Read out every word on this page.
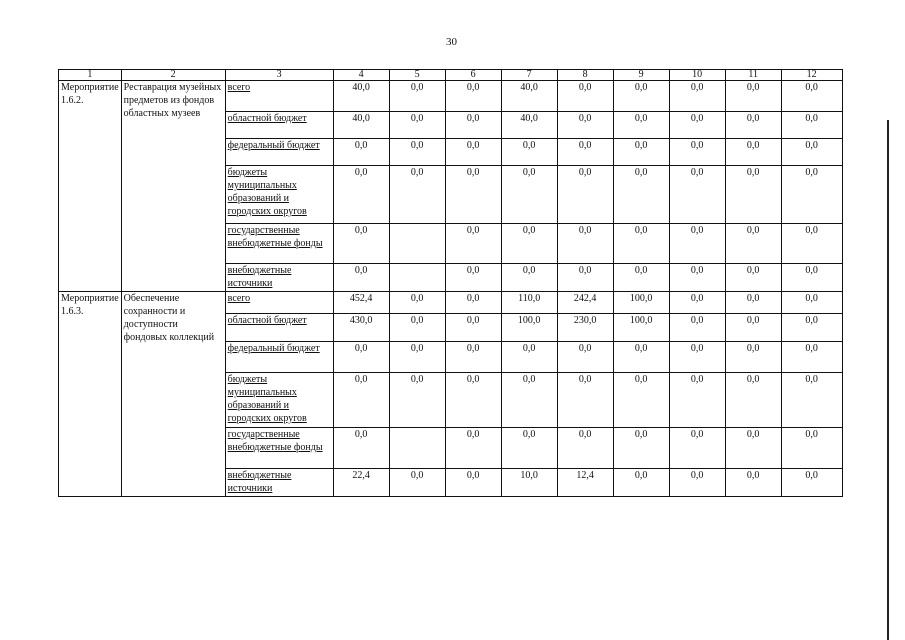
30
1	2	3	4	5	6	7	8	9	10	11	12
Мероприятие 1.6.2.	Реставрация музейных предметов из фондов областных музеев	всего	40,0	0,0	0,0	40,0	0,0	0,0	0,0	0,0	0,0
		областной бюджет	40,0	0,0	0,0	40,0	0,0	0,0	0,0	0,0	0,0
		федеральный бюджет	0,0	0,0	0,0	0,0	0,0	0,0	0,0	0,0	0,0
		бюджеты муниципальных образований и городских округов	0,0	0,0	0,0	0,0	0,0	0,0	0,0	0,0	0,0
		государственные внебюджетные фонды	0,0		0,0	0,0	0,0	0,0	0,0	0,0	0,0
		внебюджетные источники	0,0		0,0	0,0	0,0	0,0	0,0	0,0	0,0
Мероприятие 1.6.3.	Обеспечение сохранности и доступности фондовых коллекций	всего	452,4	0,0	0,0	110,0	242,4	100,0	0,0	0,0	0,0
		областной бюджет	430,0	0,0	0,0	100,0	230,0	100,0	0,0	0,0	0,0
		федеральный бюджет	0,0	0,0	0,0	0,0	0,0	0,0	0,0	0,0	0,0
		бюджеты муниципальных образований и городских округов	0,0	0,0	0,0	0,0	0,0	0,0	0,0	0,0	0,0
		государственные внебюджетные фонды	0,0		0,0	0,0	0,0	0,0	0,0	0,0	0,0
		внебюджетные источники	22,4	0,0	0,0	10,0	12,4	0,0	0,0	0,0	0,0
